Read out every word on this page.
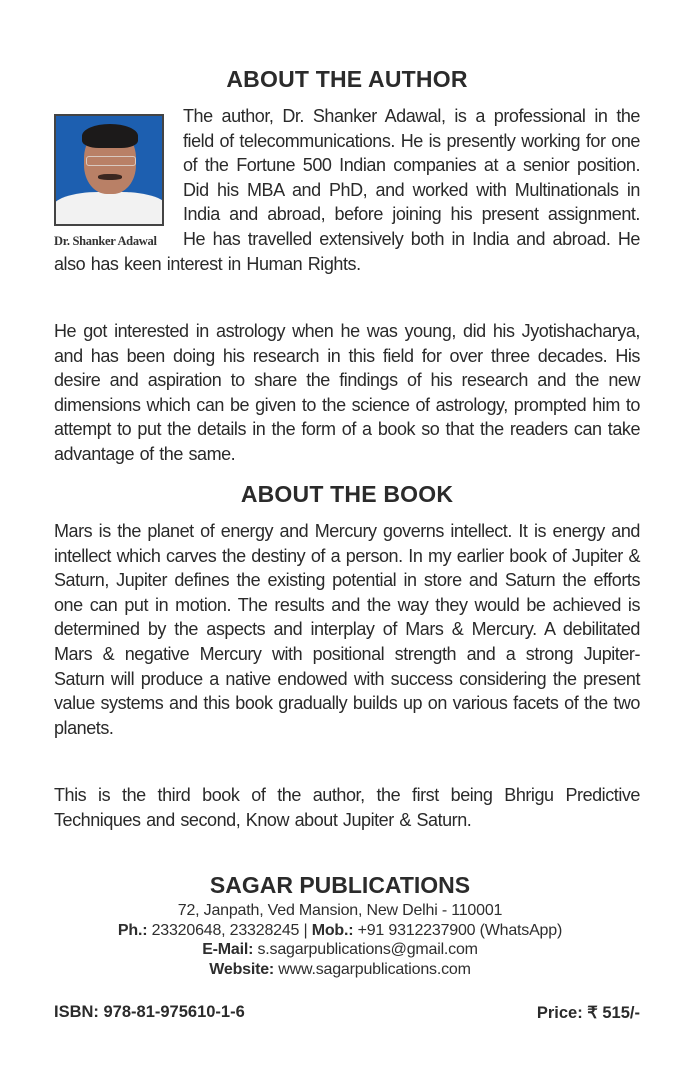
ABOUT THE AUTHOR
Dr. Shanker Adawal

The author, Dr. Shanker Adawal, is a professional in the field of telecommunications. He is presently working for one of the Fortune 500 Indian companies at a senior position. Did his MBA and PhD, and worked with Multinationals in India and abroad, before joining his present assignment. He has travelled extensively both in India and abroad. He also has keen interest in Human Rights.

He got interested in astrology when he was young, did his Jyotishacharya, and has been doing his research in this field for over three decades. His desire and aspiration to share the findings of his research and the new dimensions which can be given to the science of astrology, prompted him to attempt to put the details in the form of a book so that the readers can take advantage of the same.

ABOUT THE BOOK

Mars is the planet of energy and Mercury governs intellect. It is energy and intellect which carves the destiny of a person. In my earlier book of Jupiter & Saturn, Jupiter defines the existing potential in store and Saturn the efforts one can put in motion. The results and the way they would be achieved is determined by the aspects and interplay of Mars & Mercury. A debilitated Mars & negative Mercury with positional strength and a strong Jupiter-Saturn will produce a native endowed with success considering the present value systems and this book gradually builds up on various facets of the two planets.

This is the third book of the author, the first being Bhrigu Predictive Techniques and second, Know about Jupiter & Saturn.

SAGAR PUBLICATIONS
72, Janpath, Ved Mansion, New Delhi - 110001
Ph.: 23320648, 23328245 | Mob.: +91 9312237900 (WhatsApp)
E-Mail: s.sagarpublications@gmail.com
Website: www.sagarpublications.com
ISBN: 978-81-975610-1-6	Price: ₹ 515/-
